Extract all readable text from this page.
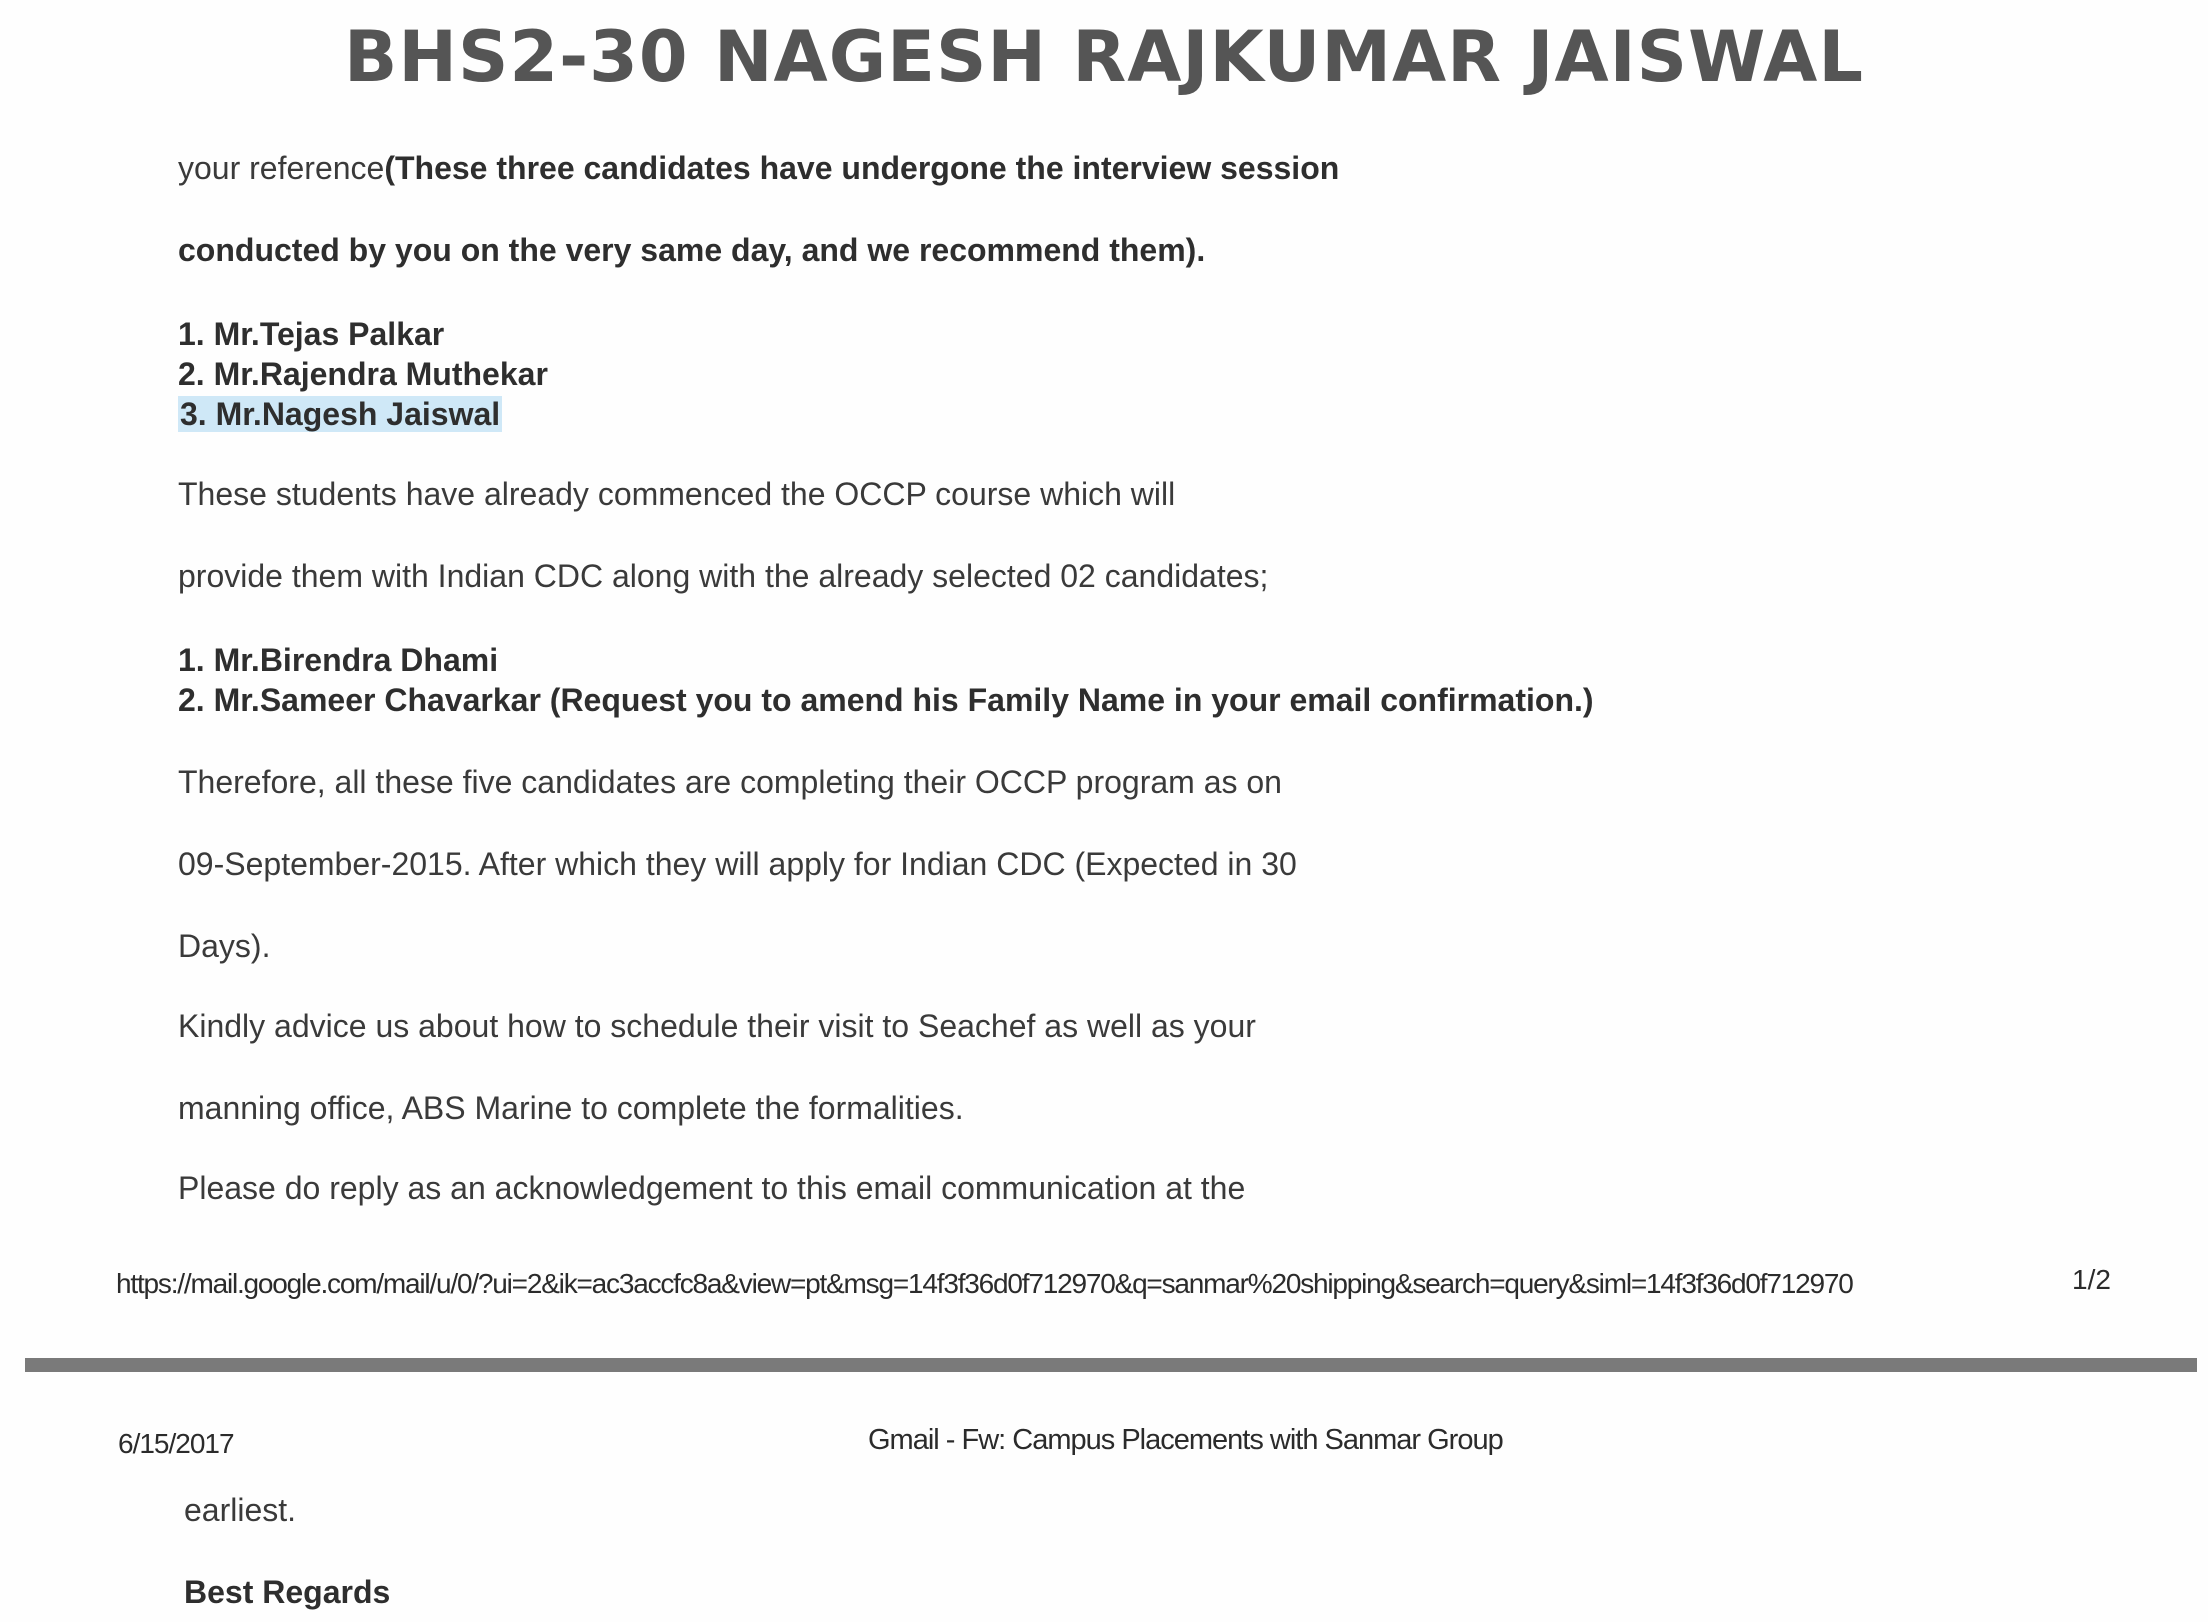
BHS2-30 NAGESH RAJKUMAR JAISWAL
your reference(These three candidates have undergone the interview session
conducted by you on the very same day, and we recommend them).
1. Mr.Tejas Palkar
2. Mr.Rajendra Muthekar
3. Mr.Nagesh Jaiswal
These students have already commenced the OCCP course which will
provide them with Indian CDC along with the already selected 02 candidates;
1. Mr.Birendra Dhami
2. Mr.Sameer Chavarkar (Request you to amend his Family Name in your email confirmation.)
Therefore, all these five candidates are completing their OCCP program as on
09-September-2015. After which they will apply for Indian CDC (Expected in 30
Days).
Kindly advice us about how to schedule their visit to Seachef as well as your
manning office, ABS Marine to complete the formalities.
Please do reply as an acknowledgement to this email communication at the
https://mail.google.com/mail/u/0/?ui=2&ik=ac3accfc8a&view=pt&msg=14f3f36d0f712970&q=sanmar%20shipping&search=query&siml=14f3f36d0f712970	1/2
6/15/2017	Gmail - Fw: Campus Placements with Sanmar Group
earliest.
Best Regards
